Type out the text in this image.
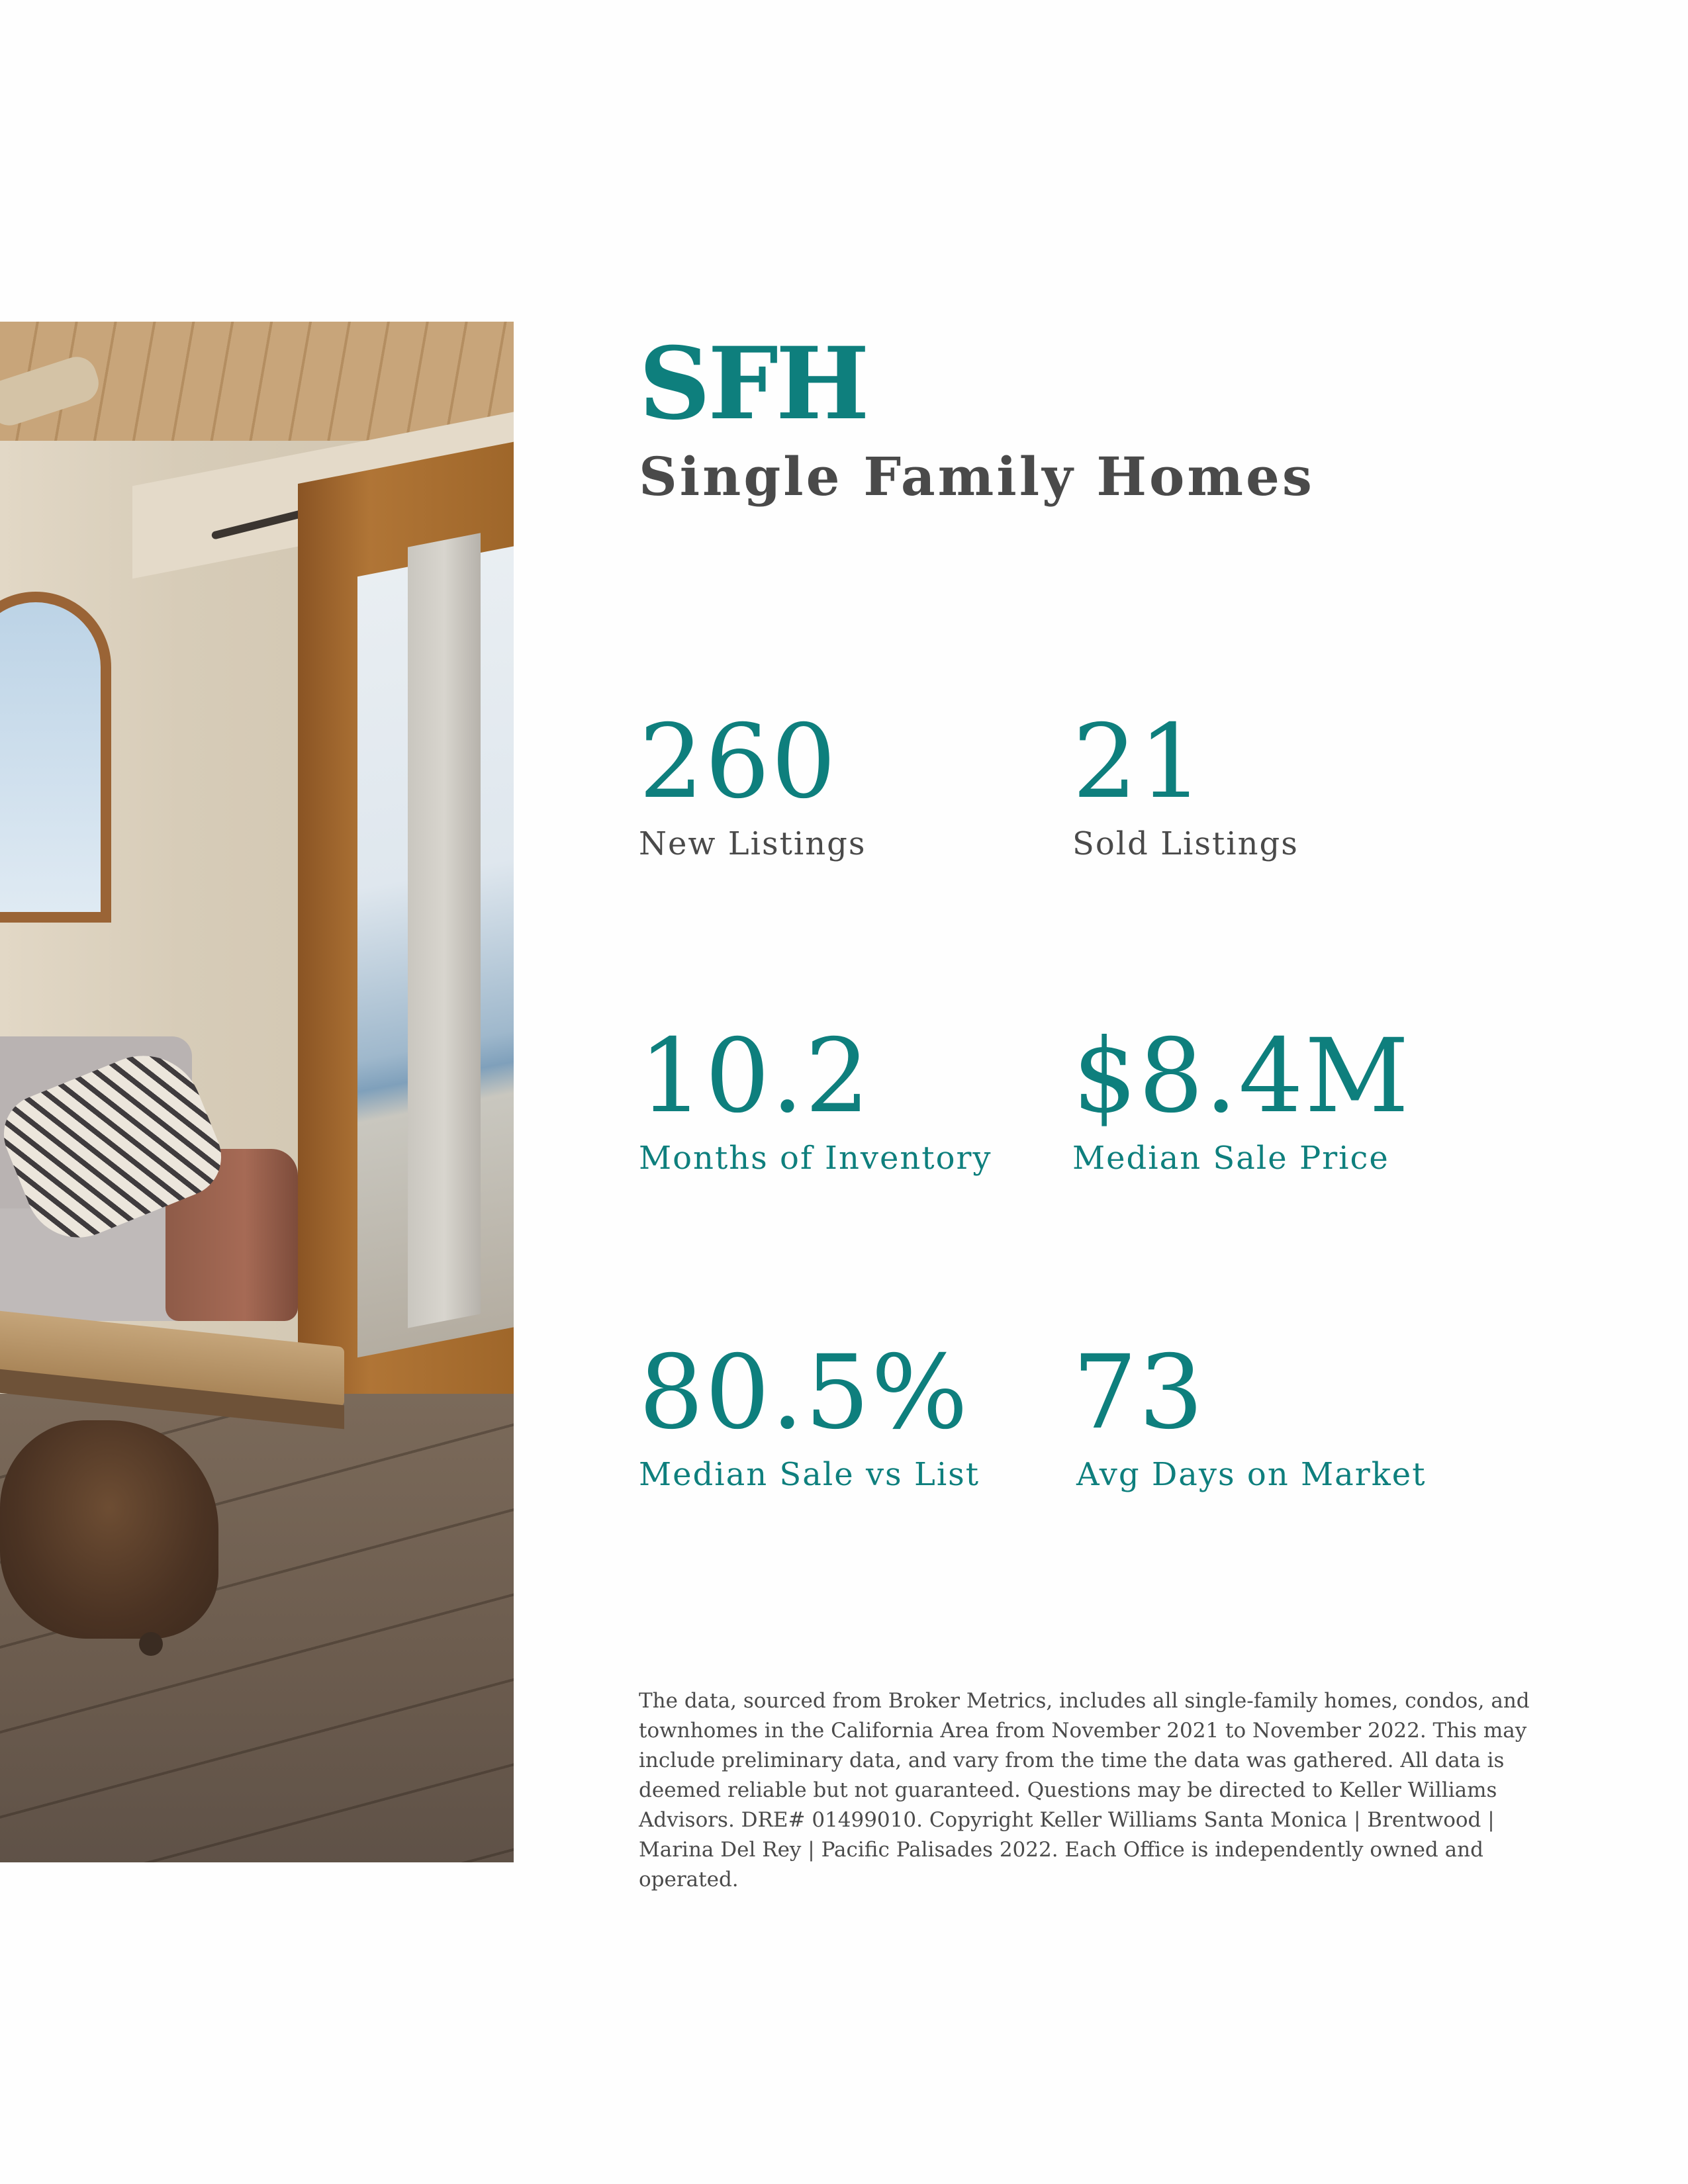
SFH
Single Family Homes
260
New Listings
21
Sold Listings
10.2
Months of Inventory
$8.4M
Median Sale Price
80.5%
Median Sale vs List
73
Avg Days on Market

The data, sourced from Broker Metrics, includes all single-family homes, condos, and townhomes in the California Area from November 2021 to November 2022. This may include preliminary data, and vary from the time the data was gathered. All data is deemed reliable but not guaranteed. Questions may be directed to Keller Williams Advisors. DRE# 01499010. Copyright Keller Williams Santa Monica | Brentwood | Marina Del Rey | Pacific Palisades 2022. Each Office is independently owned and operated.
